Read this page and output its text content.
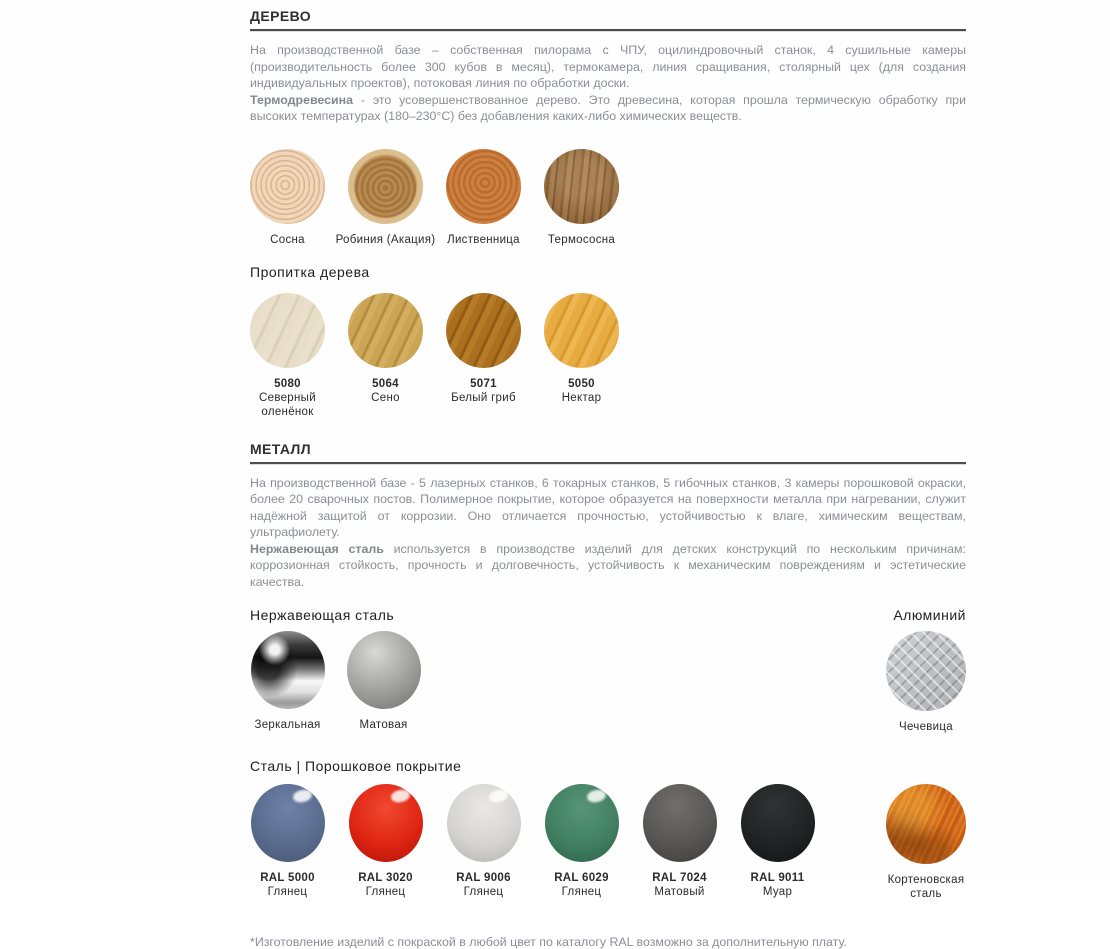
ДЕРЕВО

На производственной базе – собственная пилорама с ЧПУ, оцилиндровочный станок, 4 сушильные камеры (производительность более 300 кубов в месяц), термокамера, линия сращивания, столярный цех (для создания индивидуальных проектов), потоковая линия по обработки доски.

Термодревесина - это усовершенствованное дерево. Это древесина, которая прошла термическую обработку при высоких температурах (180–230°С) без добавления каких-либо химических веществ.

Сосна	Робиния (Акация) Лиственница Термососна
Пропитка дерева
5080
Северный оленёнок
5064
Сено
5071
Белый гриб
5050
Нектар
МЕТАЛЛ

На производственной базе - 5 лазерных станков, 6 токарных станков, 5 гибочных станков, 3 камеры порошковой окраски, более 20 сварочных постов. Полимерное покрытие, которое образуется на поверхности металла при нагревании, служит надёжной защитой от коррозии. Оно отличается прочностью, устойчивостью к влаге, химическим веществам, ультрафиолету.

Нержавеющая сталь используется в производстве изделий для детских конструкций по нескольким причинам: коррозионная стойкость, прочность и долговечность, устойчивость к механическим повреждениям и эстетические качества.

Нержавеющая сталь	Алюминий
Зеркальная	Матовая	Чечевица
Сталь | Порошковое покрытие
RAL 5000
Глянец
RAL 3020
Глянец
RAL 9006
Глянец
RAL 6029
Глянец
RAL 7024
Матовый
RAL 9011
Муар
Кортеновская сталь

*Изготовление изделий с покраской в любой цвет по каталогу RAL возможно за дополнительную плату.
